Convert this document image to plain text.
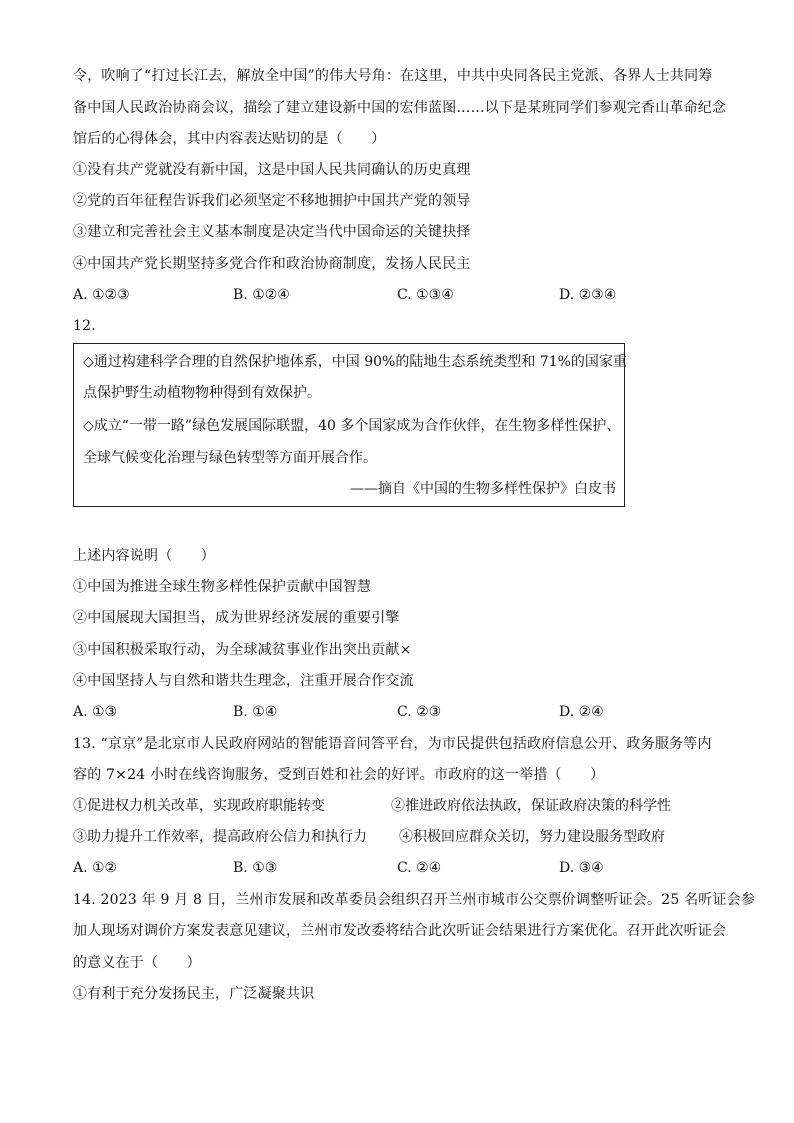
令，吹响了“打过长江去，解放全中国”的伟大号角：在这里，中共中央同各民主党派、各界人士共同筹
备中国人民政治协商会议，描绘了建立建设新中国的宏伟蓝图……以下是某班同学们参观完香山革命纪念
馆后的心得体会，其中内容表达贴切的是（　　）
①没有共产党就没有新中国，这是中国人民共同确认的历史真理
②党的百年征程告诉我们必须坚定不移地拥护中国共产党的领导
③建立和完善社会主义基本制度是决定当代中国命运的关键抉择
④中国共产党长期坚持多党合作和政治协商制度，发扬人民民主
A. ①②③	B. ①②④	C. ①③④	D. ②③④
12.
◇通过构建科学合理的自然保护地体系，中国 90%的陆地生态系统类型和 71%的国家重
点保护野生动植物物种得到有效保护。
◇成立“一带一路”绿色发展国际联盟，40 多个国家成为合作伙伴，在生物多样性保护、
全球气候变化治理与绿色转型等方面开展合作。
——摘自《中国的生物多样性保护》白皮书
上述内容说明（　　）
①中国为推进全球生物多样性保护贡献中国智慧
②中国展现大国担当，成为世界经济发展的重要引擎
③中国积极采取行动，为全球减贫事业作出突出贡献×
④中国坚持人与自然和谐共生理念，注重开展合作交流
A. ①③	B. ①④	C. ②③	D. ②④
13. “京京”是北京市人民政府网站的智能语音问答平台，为市民提供包括政府信息公开、政务服务等内
容的 7×24 小时在线咨询服务，受到百姓和社会的好评。市政府的这一举措（　　）
①促进权力机关改革，实现政府职能转变	②推进政府依法执政，保证政府决策的科学性
③助力提升工作效率，提高政府公信力和执行力 ④积极回应群众关切，努力建设服务型政府
A. ①②	B. ①③	C. ②④	D. ③④
14. 2023 年 9 月 8 日，兰州市发展和改革委员会组织召开兰州市城市公交票价调整听证会。25 名听证会参
加人现场对调价方案发表意见建议，兰州市发改委将结合此次听证会结果进行方案优化。召开此次听证会
的意义在于（　　）
①有利于充分发扬民主，广泛凝聚共识
